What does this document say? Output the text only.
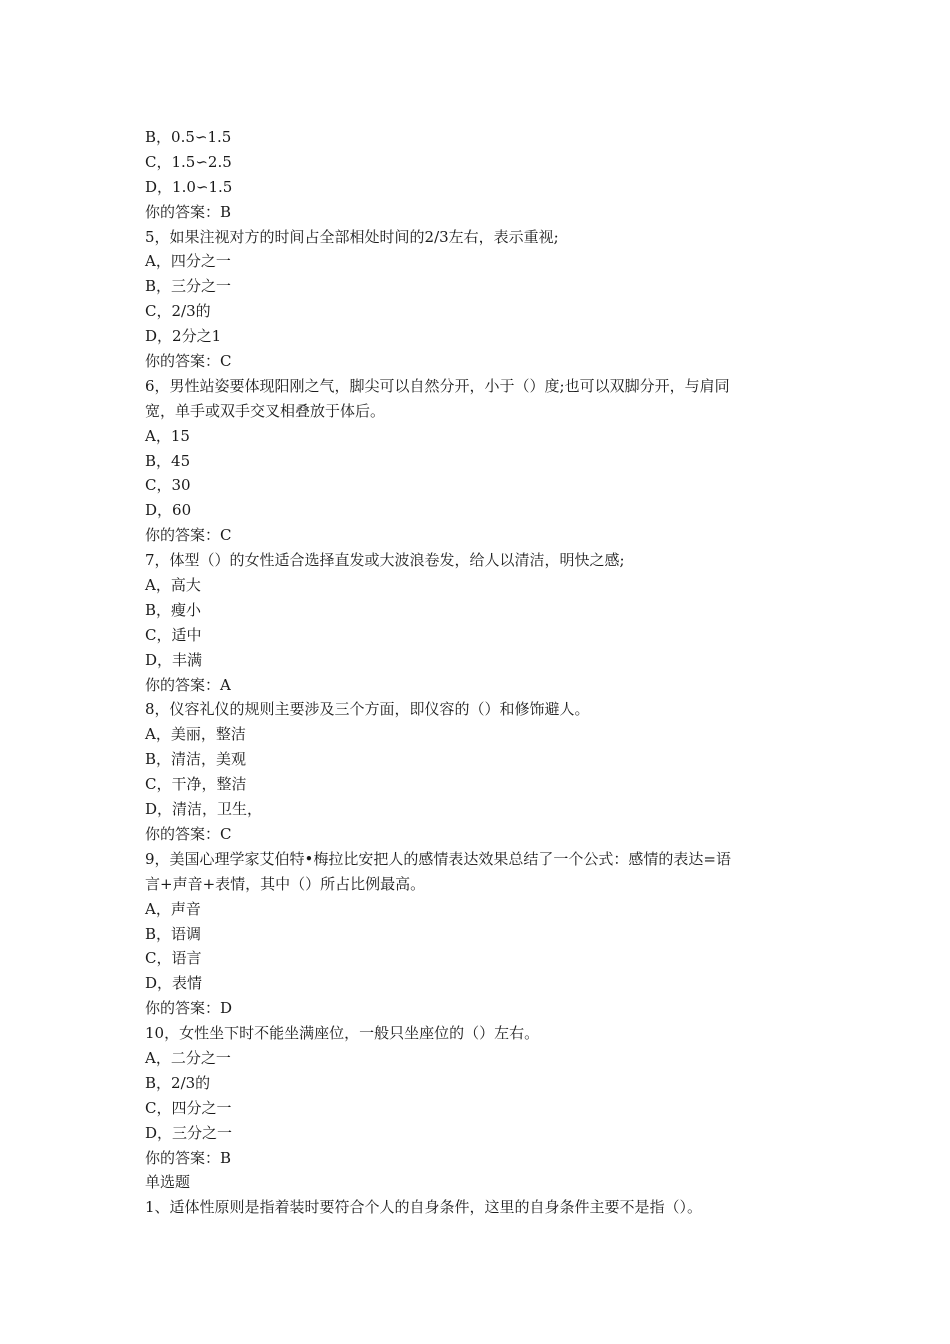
B，0.5∽1.5
C，1.5∽2.5
D，1.0∽1.5
你的答案：B
5，如果注视对方的时间占全部相处时间的2/3左右，表示重视;
A，四分之一
B，三分之一
C，2/3的
D，2分之1
你的答案：C
6，男性站姿要体现阳刚之气，脚尖可以自然分开，小于（）度;也可以双脚分开，与肩同
宽，单手或双手交叉相叠放于体后。
A，15
B，45
C，30
D，60
你的答案：C
7，体型（）的女性适合选择直发或大波浪卷发，给人以清洁，明快之感;
A，高大
B，瘦小
C，适中
D，丰满
你的答案：A
8，仪容礼仪的规则主要涉及三个方面，即仪容的（）和修饰避人。
A，美丽，整洁
B，清洁，美观
C，干净，整洁
D，清洁，卫生，
你的答案：C
9，美国心理学家艾伯特•梅拉比安把人的感情表达效果总结了一个公式：感情的表达=语
言+声音+表情，其中（）所占比例最高。
A，声音
B，语调
C，语言
D，表情
你的答案：D
10，女性坐下时不能坐满座位，一般只坐座位的（）左右。
A，二分之一
B，2/3的
C，四分之一
D，三分之一
你的答案：B
单选题
1、适体性原则是指着装时要符合个人的自身条件，这里的自身条件主要不是指（）。
